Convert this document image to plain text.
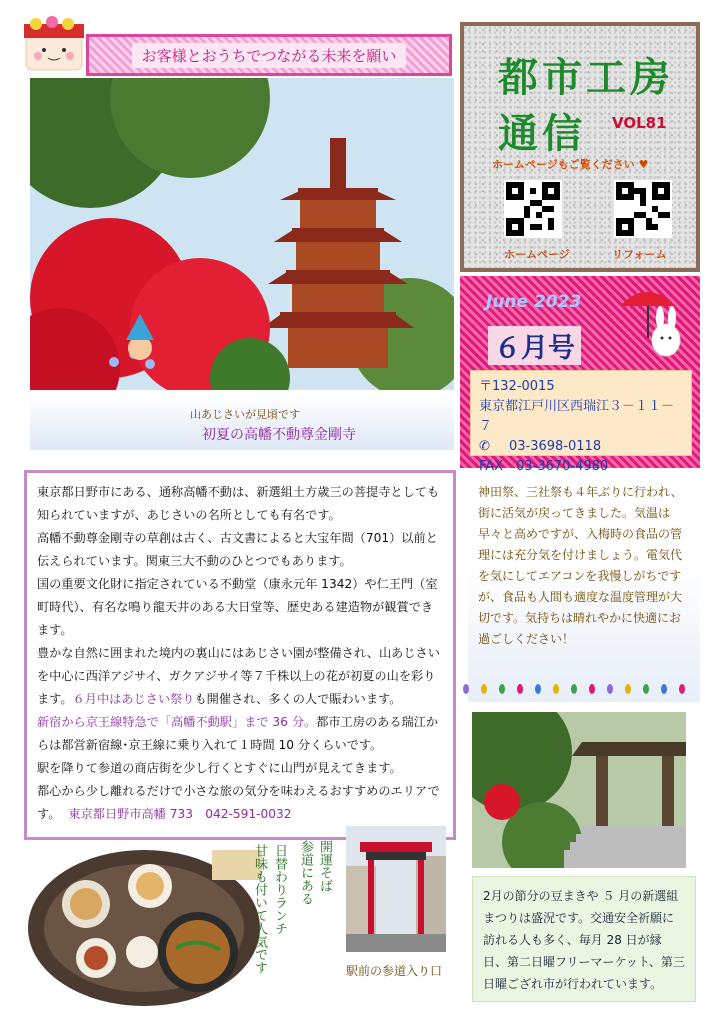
お客様とおうちでつながる未来を願い	都市工房
通信 VOL81
ホームページもご覧ください ♥
ホームページ	リフォーム
June 2023
６月号
〒132-0015
東京都江戸川区西瑞江３－１１－７
✆ 03-3698-0118
FAX　03-3670-4980
山あじさいが見頃です
初夏の高幡不動尊金剛寺

東京都日野市にある、通称高幡不動は、新選組土方歳三の菩提寺としても知られていますが、あじさいの名所としても有名です。

高幡不動尊金剛寺の草創は古く、古文書によると大宝年間（701）以前と伝えられています。関東三大不動のひとつでもあります。

国の重要文化財に指定されている不動堂（康永元年 1342）や仁王門（室町時代）、有名な鳴り龍天井のある大日堂等、歴史ある建造物が観賞できます。

豊かな自然に囲まれた境内の裏山にはあじさい園が整備され、山あじさいを中心に西洋アジサイ、ガクアジサイ等７千株以上の花が初夏の山を彩ります。６月中はあじさい祭りも開催され、多くの人で賑わいます。

新宿から京王線特急で「高幡不動駅」まで 36 分。都市工房のある瑞江からは都営新宿線･京王線に乗り入れて１時間 10 分くらいです。

駅を降りて参道の商店街を少し行くとすぐに山門が見えてきます。

都心から少し離れるだけで小さな旅の気分を味わえるおすすめのエリアです。 東京都日野市高幡 733　042-591-0032

神田祭、三社祭も４年ぶりに行われ、街に活気が戻ってきました。気温は早々と高めですが、入梅時の食品の管理には充分気を付けましょう。電気代を気にしてエアコンを我慢しがちですが、食品も人間も適度な温度管理が大切です。気持ちは晴れやかに快適にお過ごしください！
2月の節分の豆まきや ５ 月の新選組まつりは盛況です。交通安全祈願に訪れる人も多く、毎月 28 日が縁日、第二日曜フリーマーケット、第三日曜ござれ市が行われています。
参道にある 開運そば
日替わりランチ
甘味も付いて人気です	駅前の参道入り口
